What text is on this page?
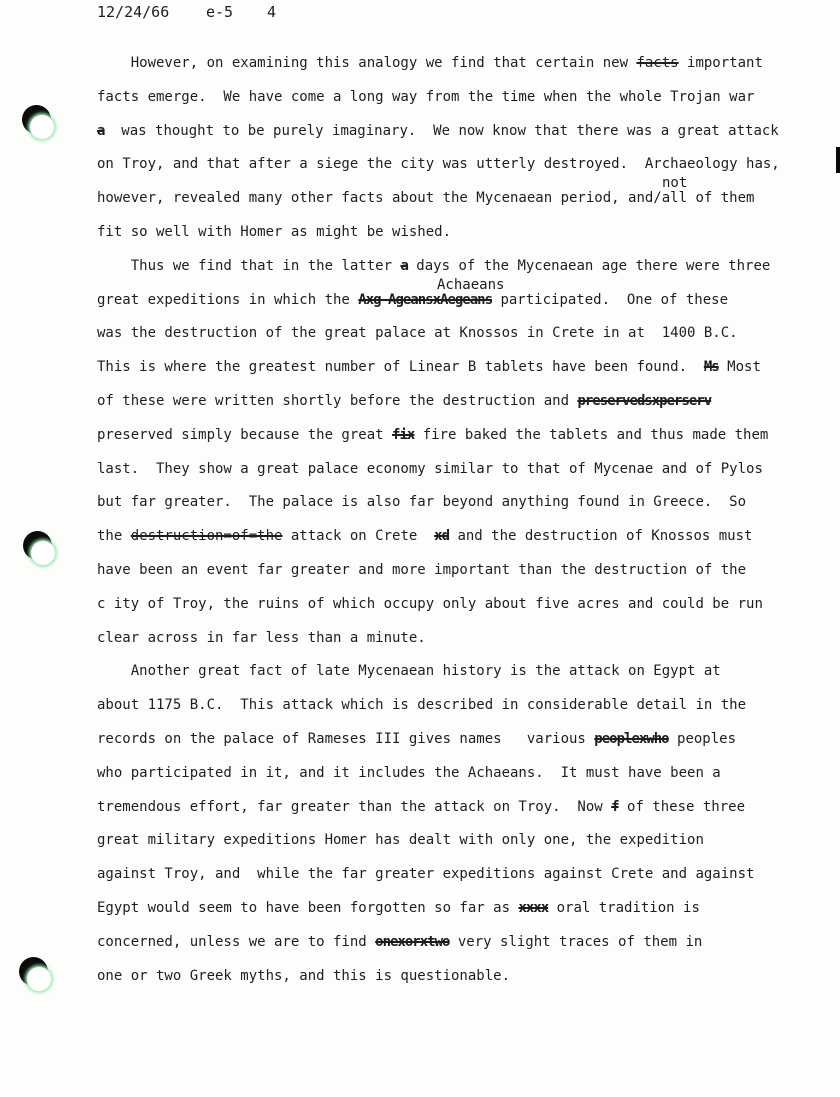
12/24/66 e-5 4
However, on examining this analogy we find that certain new facts important
facts emerge.  We have come a long way from the time when the whole Trojan war
a  was thought to be purely imaginary.  We now know that there was a great attack
on Troy, and that after a siege the city was utterly destroyed.  Archaeology has,
not
however, revealed many other facts about the Mycenaean period, and/all of them
fit so well with Homer as might be wished.
Thus we find that in the latter a days of the Mycenaean age there were three
Achaeans
great expeditions in which the Axg AgeansxAegeans participated.  One of these
was the destruction of the great palace at Knossos in Crete in at  1400 B.C.
This is where the greatest number of Linear B tablets have been found.  Ms Most
of these were written shortly before the destruction and preservedsxperserv
preserved simply because the great fix fire baked the tablets and thus made them
last.  They show a great palace economy similar to that of Mycenae and of Pylos
but far greater.  The palace is also far beyond anything found in Greece.  So
the destruction=of=the attack on Crete  xd and the destruction of Knossos must
have been an event far greater and more important than the destruction of the
c ity of Troy, the ruins of which occupy only about five acres and could be run
clear across in far less than a minute.
Another great fact of late Mycenaean history is the attack on Egypt at
about 1175 B.C.  This attack which is described in considerable detail in the
records on the palace of Rameses III gives names   various peoplexwho peoples
who participated in it, and it includes the Achaeans.  It must have been a
tremendous effort, far greater than the attack on Troy.  Now f of these three
great military expeditions Homer has dealt with only one, the expedition
against Troy, and  while the far greater expeditions against Crete and against
Egypt would seem to have been forgotten so far as xxxx oral tradition is
concerned, unless we are to find onexorxtwo very slight traces of them in
one or two Greek myths, and this is questionable.
